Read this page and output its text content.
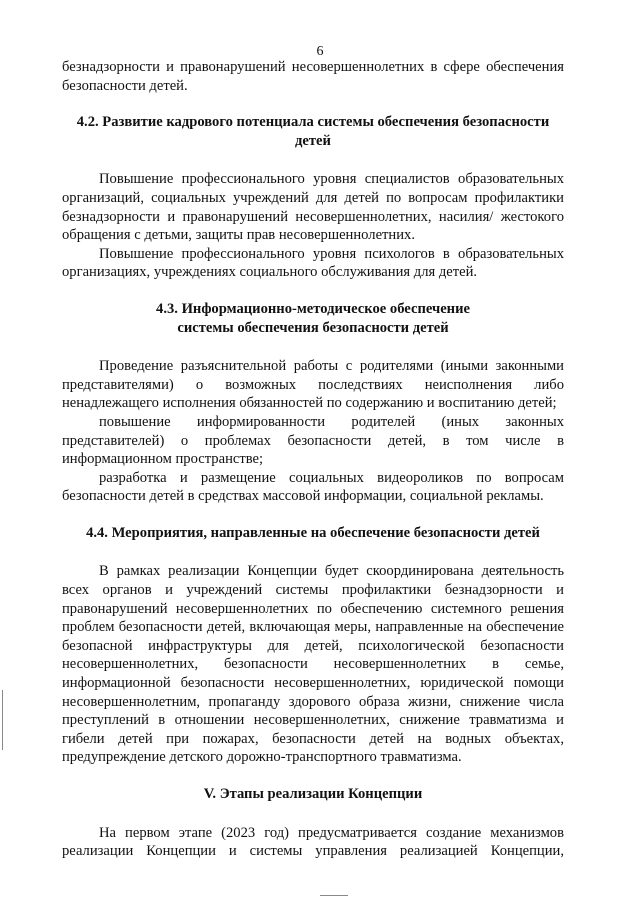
6

безнадзорности и правонарушений несовершеннолетних в сфере обеспечения безопасности детей.

4.2. Развитие кадрового потенциала системы обеспечения безопасности детей

Повышение профессионального уровня специалистов образовательных организаций, социальных учреждений для детей по вопросам профилактики безнадзорности и правонарушений несовершеннолетних, насилия/ жестокого обращения с детьми, защиты прав несовершеннолетних.

Повышение профессионального уровня психологов в образовательных организациях, учреждениях социального обслуживания для детей.

4.3. Информационно-методическое обеспечение

системы обеспечения безопасности детей

Проведение разъяснительной работы с родителями (иными законными представителями) о возможных последствиях неисполнения либо ненадлежащего исполнения обязанностей по содержанию и воспитанию детей;

повышение информированности родителей (иных законных представителей) о проблемах безопасности детей, в том числе в информационном пространстве;

разработка и размещение социальных видеороликов по вопросам безопасности детей в средствах массовой информации, социальной рекламы.

4.4. Мероприятия, направленные на обеспечение безопасности детей

В рамках реализации Концепции будет скоординирована деятельность всех органов и учреждений системы профилактики безнадзорности и правонарушений несовершеннолетних по обеспечению системного решения проблем безопасности детей, включающая меры, направленные на обеспечение безопасной инфраструктуры для детей, психологической безопасности несовершеннолетних, безопасности несовершеннолетних в семье, информационной безопасности несовершеннолетних, юридической помощи несовершеннолетним, пропаганду здорового образа жизни, снижение числа преступлений в отношении несовершеннолетних, снижение травматизма и гибели детей при пожарах, безопасности детей на водных объектах, предупреждение детского дорожно-транспортного травматизма.

V. Этапы реализации Концепции

На первом этапе (2023 год) предусматривается создание механизмов реализации Концепции и системы управления реализацией Концепции,
